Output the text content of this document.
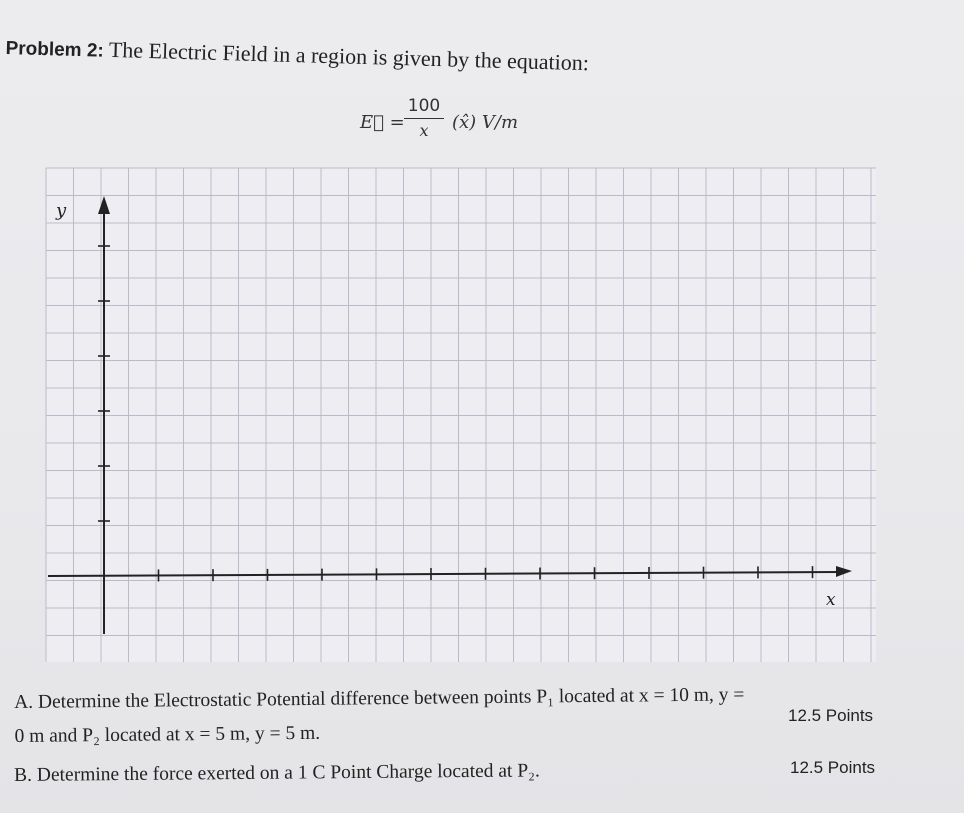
Problem 2: The Electric Field in a region is given by the equation:
E⃗ =
100
x	(x̂) V/m
y
x
A. Determine the Electrostatic Potential difference between points P₁ located at x = 10 m, y =
0 m and P₂ located at x = 5 m, y = 5 m.
12.5 Points
B. Determine the force exerted on a 1 C Point Charge located at P₂.	12.5 Points
